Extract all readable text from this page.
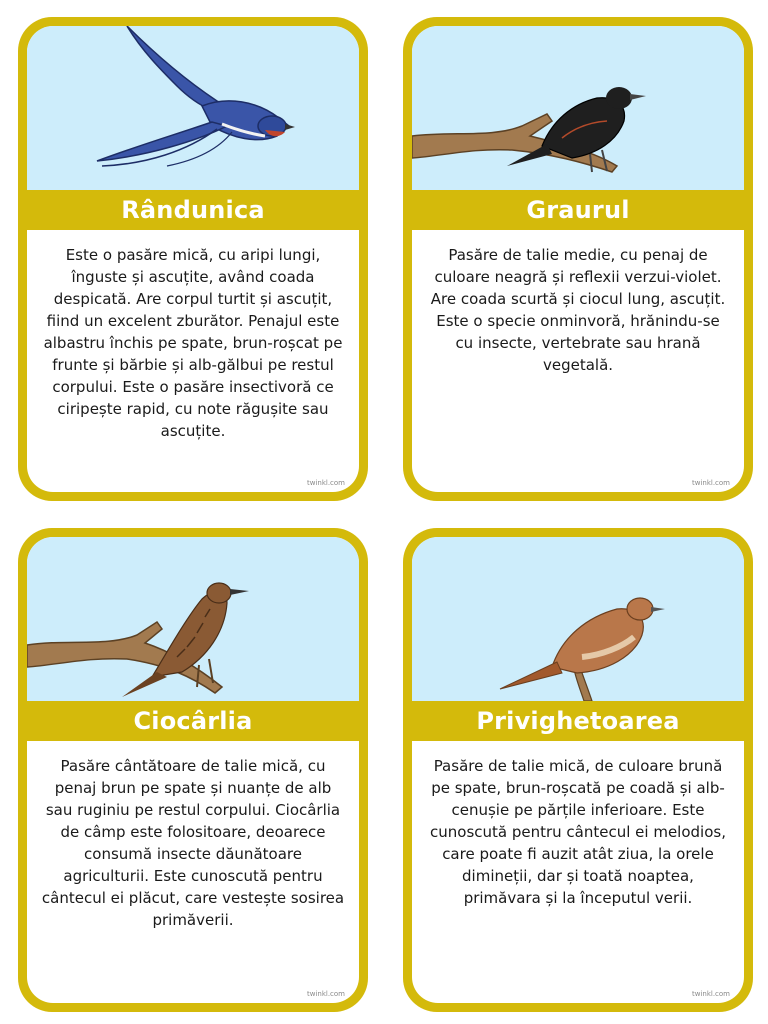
Rândunica
Este o pasăre mică, cu aripi lungi, înguste și ascuțite, având coada despicată. Are corpul turtit și ascuțit, fiind un excelent zburător. Penajul este albastru închis pe spate, brun-roșcat pe frunte și bărbie și alb-gălbui pe restul corpului. Este o pasăre insectivoră ce ciripește rapid, cu note răgușite sau ascuțite.
twinkl.com
Graurul
Pasăre de talie medie, cu penaj de culoare neagră și reflexii verzui-violet. Are coada scurtă și ciocul lung, ascuțit. Este o specie onminvoră, hrănindu-se cu insecte, vertebrate sau hrană vegetală.
twinkl.com
Ciocârlia
Pasăre cântătoare de talie mică, cu penaj brun pe spate și nuanțe de alb sau ruginiu pe restul corpului. Ciocârlia de câmp este folositoare, deoarece consumă insecte dăunătoare agriculturii. Este cunoscută pentru cântecul ei plăcut, care vestește sosirea primăverii.
twinkl.com
Privighetoarea
Pasăre de talie mică, de culoare brună pe spate, brun-roșcată pe coadă și alb-cenușie pe părțile inferioare. Este cunoscută pentru cântecul ei melodios, care poate fi auzit atât ziua, la orele dimineții, dar și toată noaptea, primăvara și la începutul verii.
twinkl.com
